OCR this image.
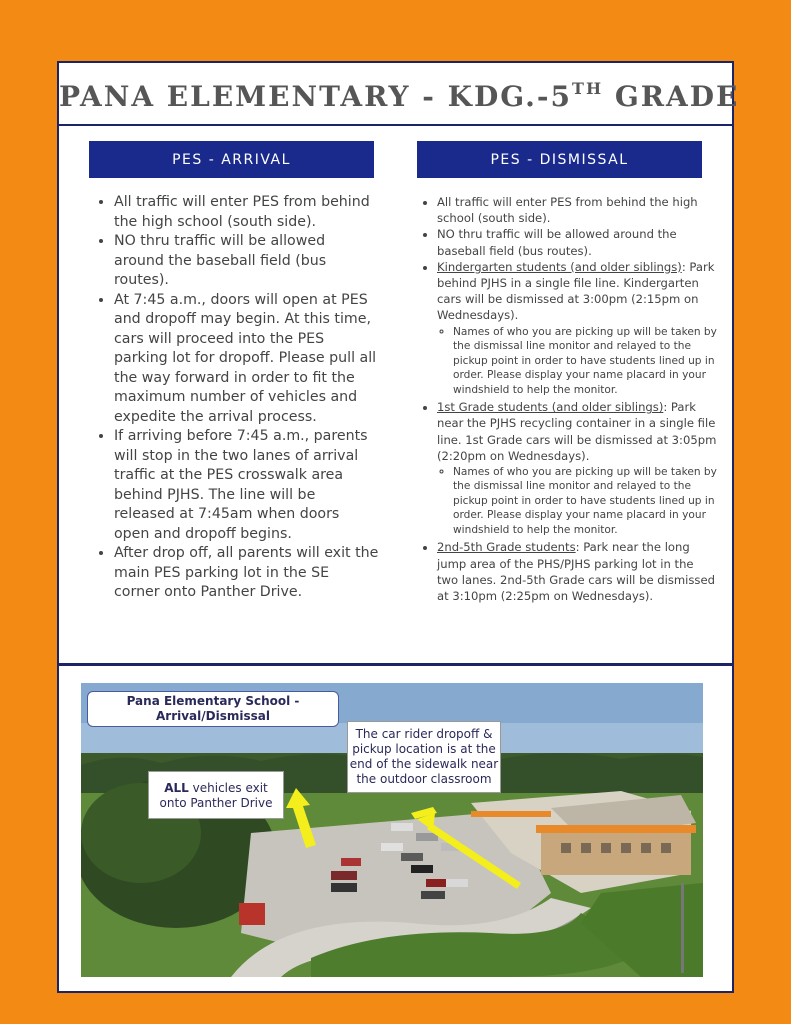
PANA ELEMENTARY - KDG.-5TH GRADE
PES - ARRIVAL	PES - DISMISSAL
• All traffic will enter PES from behind the high school (south side).
• NO thru traffic will be allowed around the baseball field (bus routes).
• At 7:45 a.m., doors will open at PES and dropoff may begin. At this time, cars will proceed into the PES parking lot for dropoff. Please pull all the way forward in order to fit the maximum number of vehicles and expedite the arrival process.
• If arriving before 7:45 a.m., parents will stop in the two lanes of arrival traffic at the PES crosswalk area behind PJHS. The line will be released at 7:45am when doors open and dropoff begins.
• After drop off, all parents will exit the main PES parking lot in the SE corner onto Panther Drive.
• All traffic will enter PES from behind the high school (south side).
• NO thru traffic will be allowed around the baseball field (bus routes).
• Kindergarten students (and older siblings): Park behind PJHS in a single file line. Kindergarten cars will be dismissed at 3:00pm (2:15pm on Wednesdays).
◦ Names of who you are picking up will be taken by the dismissal line monitor and relayed to the pickup point in order to have students lined up in order. Please display your name placard in your windshield to help the monitor.
• 1st Grade students (and older siblings): Park near the PJHS recycling container in a single file line. 1st Grade cars will be dismissed at 3:05pm (2:20pm on Wednesdays).
◦ Names of who you are picking up will be taken by the dismissal line monitor and relayed to the pickup point in order to have students lined up in order. Please display your name placard in your windshield to help the monitor.
• 2nd-5th Grade students: Park near the long jump area of the PHS/PJHS parking lot in the two lanes. 2nd-5th Grade cars will be dismissed at 3:10pm (2:25pm on Wednesdays).
Pana Elementary School - Arrival/Dismissal
ALL vehicles exit onto Panther Drive
The car rider dropoff & pickup location is at the end of the sidewalk near the outdoor classroom
